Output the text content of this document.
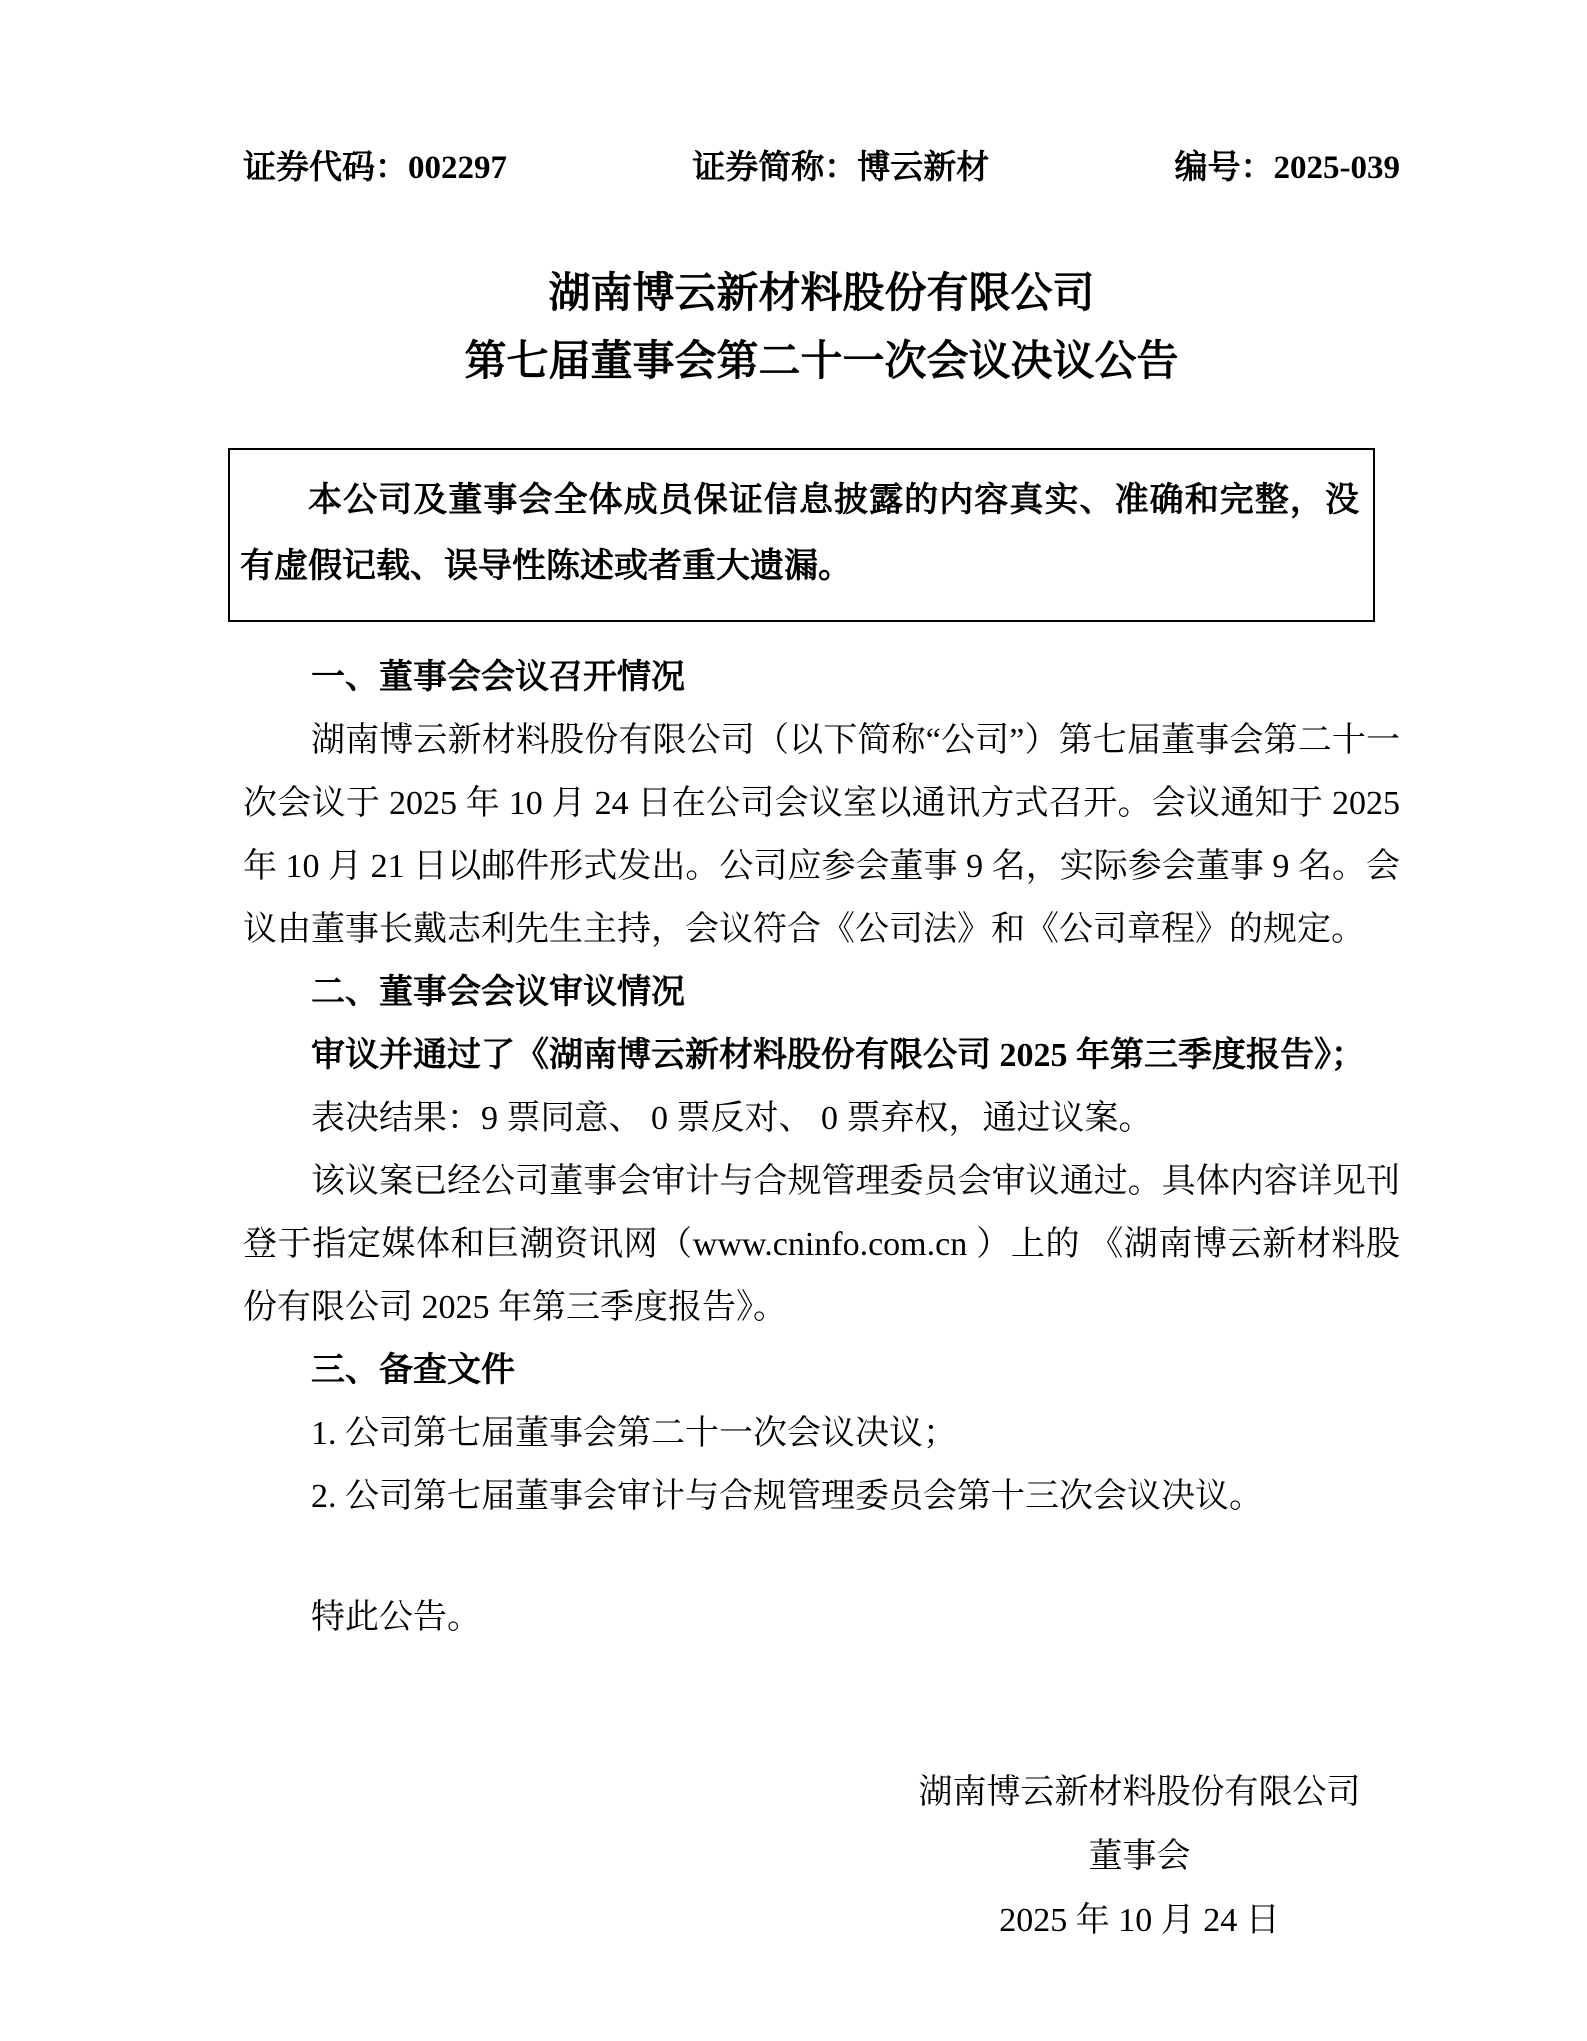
证券代码：002297	证券简称：博云新材	编号：2025-039
湖南博云新材料股份有限公司
第七届董事会第二十一次会议决议公告

本公司及董事会全体成员保证信息披露的内容真实、准确和完整，没有虚假记载、误导性陈述或者重大遗漏。

一、董事会会议召开情况

湖南博云新材料股份有限公司（以下简称“公司”）第七届董事会第二十一次会议于 2025 年 10 月 24 日在公司会议室以通讯方式召开。会议通知于 2025 年 10 月 21 日以邮件形式发出。公司应参会董事 9 名，实际参会董事 9 名。会议由董事长戴志利先生主持，会议符合《公司法》和《公司章程》的规定。

二、董事会会议审议情况

审议并通过了《湖南博云新材料股份有限公司 2025 年第三季度报告》；

表决结果：9 票同意、 0 票反对、 0 票弃权，通过议案。

该议案已经公司董事会审计与合规管理委员会审议通过。具体内容详见刊登于指定媒体和巨潮资讯网（www.cninfo.com.cn ）上的 《湖南博云新材料股份有限公司 2025 年第三季度报告》。

三、备查文件

1. 公司第七届董事会第二十一次会议决议；

2. 公司第七届董事会审计与合规管理委员会第十三次会议决议。

特此公告。

湖南博云新材料股份有限公司
董事会
2025 年 10 月 24 日
